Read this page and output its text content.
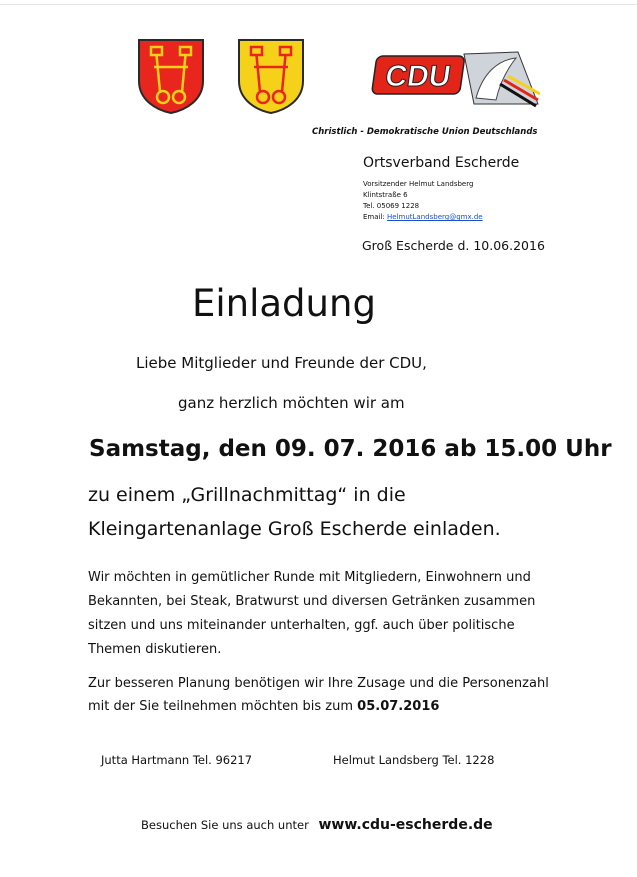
CDU
Christlich - Demokratische Union Deutschlands
Ortsverband Escherde
Vorsitzender Helmut Landsberg
Klintstraße 6
Tel. 05069 1228
Email: HelmutLandsberg@gmx.de
Groß Escherde d. 10.06.2016
Einladung
Liebe Mitglieder und Freunde der CDU,
ganz herzlich möchten wir am
Samstag, den 09. 07. 2016 ab 15.00 Uhr
zu einem „Grillnachmittag“ in die
Kleingartenanlage Groß Escherde einladen.
Wir möchten in gemütlicher Runde mit Mitgliedern, Einwohnern und
Bekannten, bei Steak, Bratwurst und diversen Getränken zusammen
sitzen und uns miteinander unterhalten, ggf. auch über politische
Themen diskutieren.
Zur besseren Planung benötigen wir Ihre Zusage und die Personenzahl
mit der Sie teilnehmen möchten bis zum 05.07.2016
Jutta Hartmann Tel. 96217	Helmut Landsberg Tel. 1228
Besuchen Sie uns auch unter www.cdu-escherde.de
